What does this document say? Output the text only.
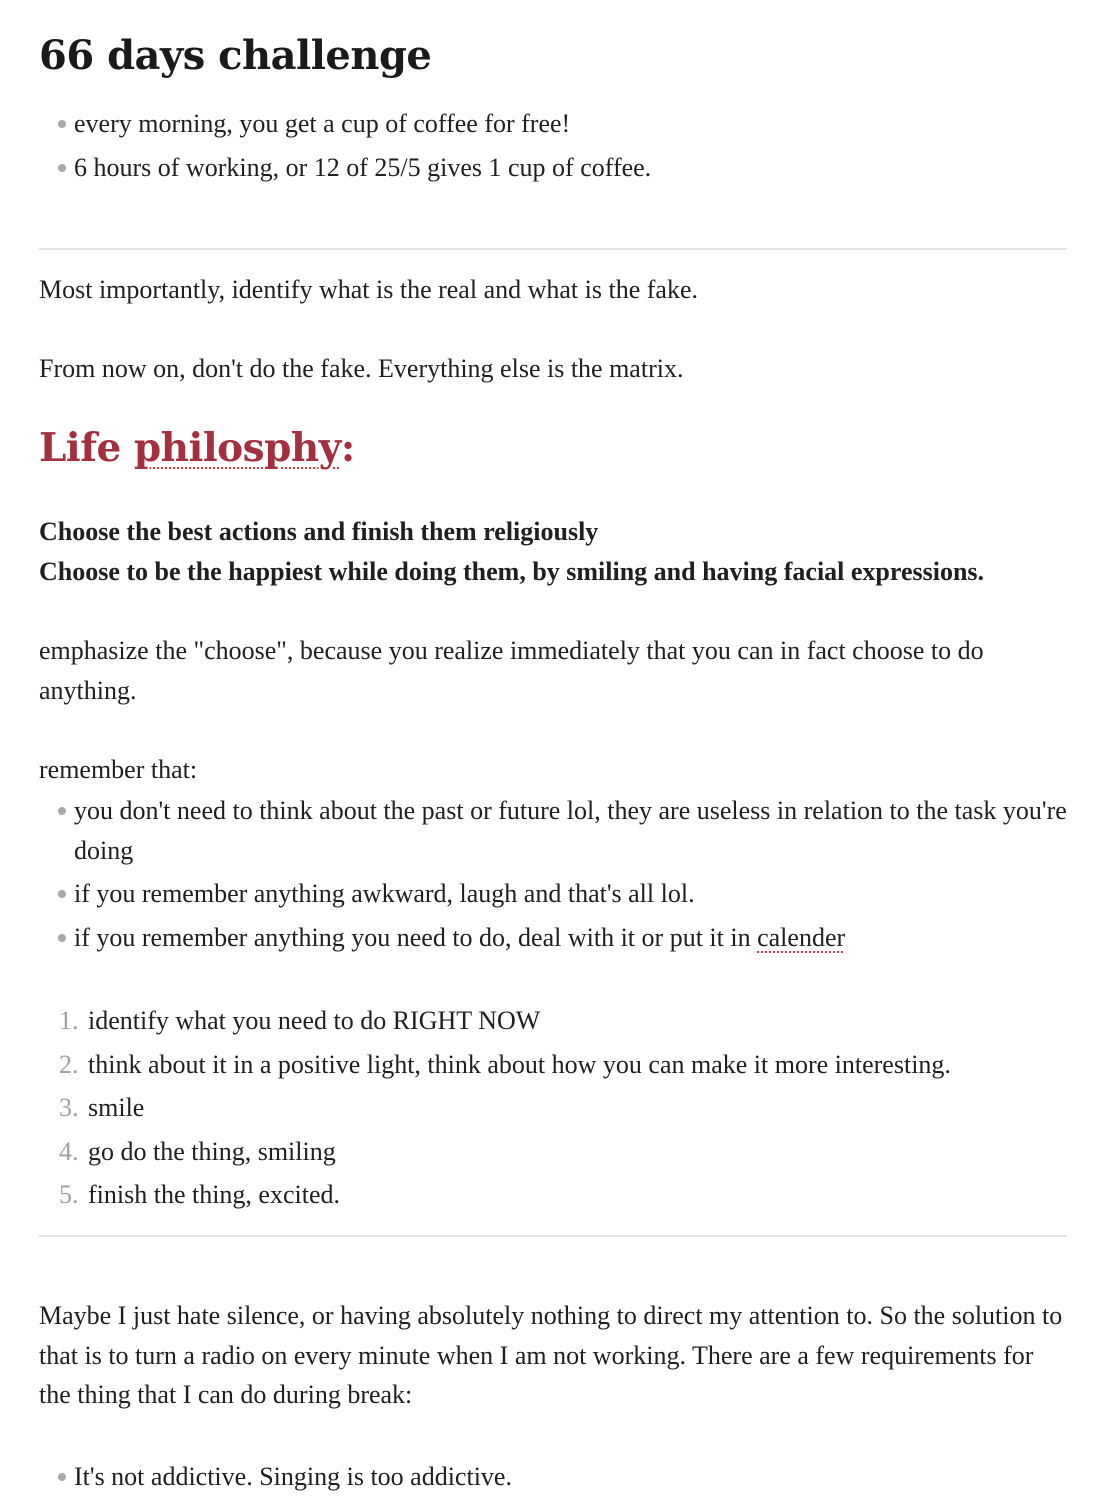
66 days challenge
every morning, you get a cup of coffee for free!
6 hours of working, or 12 of 25/5 gives 1 cup of coffee.

Most importantly, identify what is the real and what is the fake.

From now on, don't do the fake. Everything else is the matrix.

Life philosphy:

Choose the best actions and finish them religiously

Choose to be the happiest while doing them, by smiling and having facial expressions.

emphasize the "choose", because you realize immediately that you can in fact choose to do anything.

remember that:

you don't need to think about the past or future lol, they are useless in relation to the task you're doing
if you remember anything awkward, laugh and that's all lol.
if you remember anything you need to do, deal with it or put it in calender
1. identify what you need to do RIGHT NOW
2. think about it in a positive light, think about how you can make it more interesting.
3. smile
4. go do the thing, smiling
5. finish the thing, excited.

Maybe I just hate silence, or having absolutely nothing to direct my attention to. So the solution to that is to turn a radio on every minute when I am not working. There are a few requirements for the thing that I can do during break:

It's not addictive. Singing is too addictive.
